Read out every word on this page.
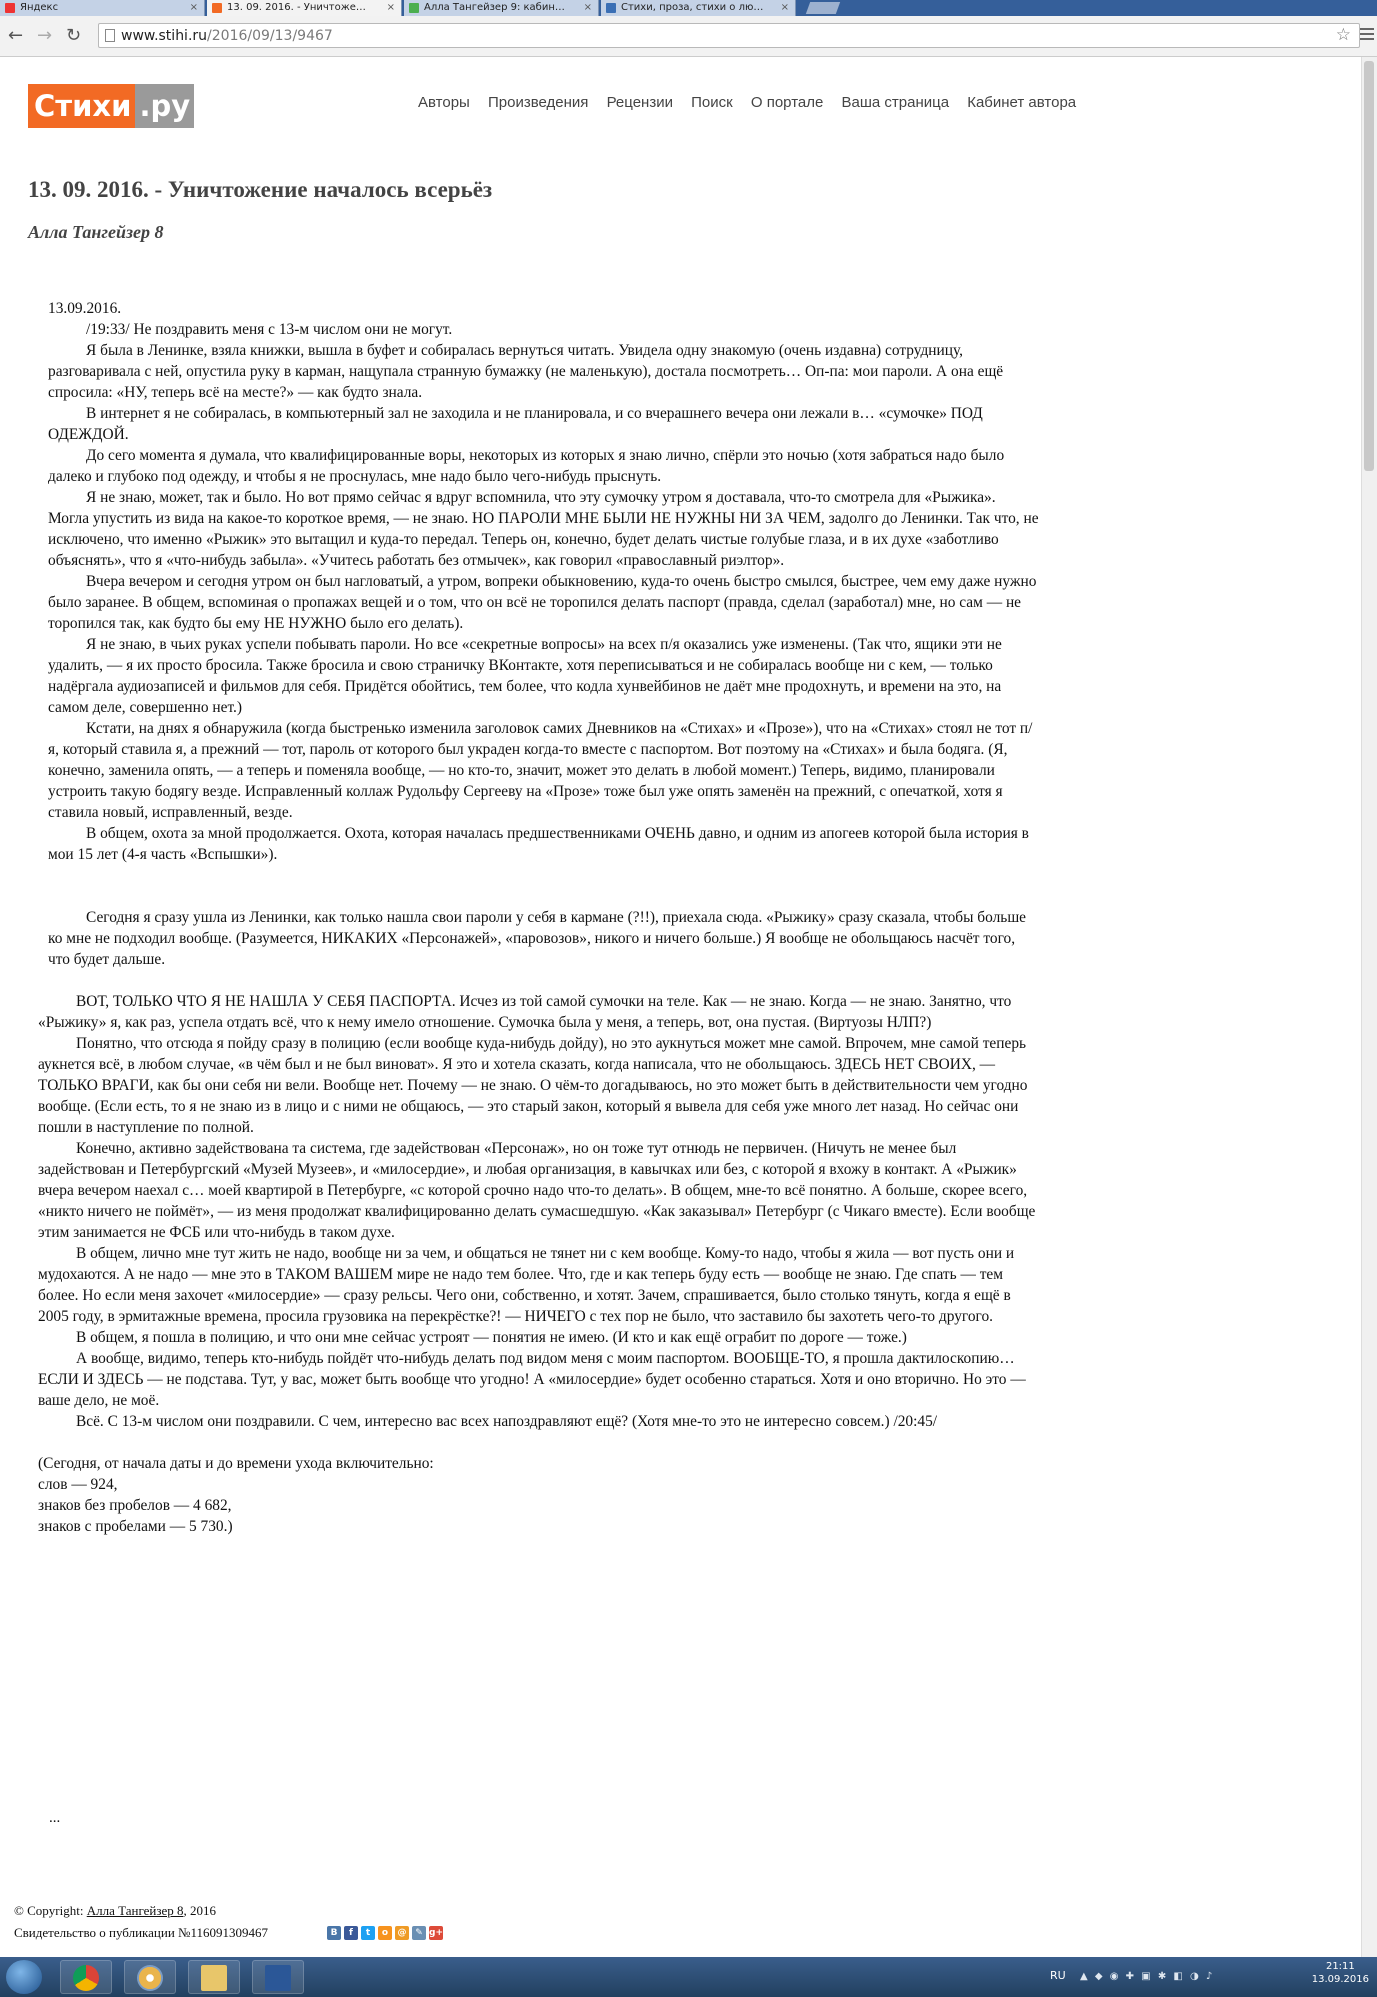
Яндекс	×	13. 09. 2016. - Уничтоже… ×	Алла Тангейзер 9: кабин… ×	Стихи, проза, стихи о лю… ×
← → ↻	www.stihi.ru/2016/09/13/9467	☆
Стихи .ру	Авторы Произведения Рецензии Поиск О портале Ваша страница Кабинет автора
13. 09. 2016. - Уничтожение началось всерьёз
Алла Тангейзер 8

13.09.2016.

/19:33/ Не поздравить меня с 13-м числом они не могут.

Я была в Ленинке, взяла книжки, вышла в буфет и собиралась вернуться читать. Увидела одну знакомую (очень издавна) сотрудницу, разговаривала с ней, опустила руку в карман, нащупала странную бумажку (не маленькую), достала посмотреть… Оп-па: мои пароли. А она ещё спросила: «НУ, теперь всё на месте?» — как будто знала.

В интернет я не собиралась, в компьютерный зал не заходила и не планировала, и со вчерашнего вечера они лежали в… «сумочке» ПОД ОДЕЖДОЙ.

До сего момента я думала, что квалифицированные воры, некоторых из которых я знаю лично, спёрли это ночью (хотя забраться надо было далеко и глубоко под одежду, и чтобы я не проснулась, мне надо было чего-нибудь прыснуть.

Я не знаю, может, так и было. Но вот прямо сейчас я вдруг вспомнила, что эту сумочку утром я доставала, что-то смотрела для «Рыжика». Могла упустить из вида на какое-то короткое время, — не знаю. НО ПАРОЛИ МНЕ БЫЛИ НЕ НУЖНЫ НИ ЗА ЧЕМ, задолго до Ленинки. Так что, не исключено, что именно «Рыжик» это вытащил и куда-то передал. Теперь он, конечно, будет делать чистые голубые глаза, и в их духе «заботливо объяснять», что я «что-нибудь забыла». «Учитесь работать без отмычек», как говорил «православный риэлтор».

Вчера вечером и сегодня утром он был нагловатый, а утром, вопреки обыкновению, куда-то очень быстро смылся, быстрее, чем ему даже нужно было заранее. В общем, вспоминая о пропажах вещей и о том, что он всё не торопился делать паспорт (правда, сделал (заработал) мне, но сам — не торопился так, как будто бы ему НЕ НУЖНО было его делать).

Я не знаю, в чьих руках успели побывать пароли. Но все «секретные вопросы» на всех п/я оказались уже изменены. (Так что, ящики эти не удалить, — я их просто бросила. Также бросила и свою страничку ВКонтакте, хотя переписываться и не собиралась вообще ни с кем, — только надёргала аудиозаписей и фильмов для себя. Придётся обойтись, тем более, что кодла хунвейбинов не даёт мне продохнуть, и времени на это, на самом деле, совершенно нет.)

Кстати, на днях я обнаружила (когда быстренько изменила заголовок самих Дневников на «Стихах» и «Прозе»), что на «Стихах» стоял не тот п/я, который ставила я, а прежний — тот, пароль от которого был украден когда-то вместе с паспортом. Вот поэтому на «Стихах» и была бодяга. (Я, конечно, заменила опять, — а теперь и поменяла вообще, — но кто-то, значит, может это делать в любой момент.) Теперь, видимо, планировали устроить такую бодягу везде. Исправленный коллаж Рудольфу Сергееву на «Прозе» тоже был уже опять заменён на прежний, с опечаткой, хотя я ставила новый, исправленный, везде.

В общем, охота за мной продолжается. Охота, которая началась предшественниками ОЧЕНЬ давно, и одним из апогеев которой была история в мои 15 лет (4-я часть «Вспышки»).

Сегодня я сразу ушла из Ленинки, как только нашла свои пароли у себя в кармане (?!!), приехала сюда. «Рыжику» сразу сказала, чтобы больше ко мне не подходил вообще. (Разумеется, НИКАКИХ «Персонажей», «паровозов», никого и ничего больше.) Я вообще не обольщаюсь насчёт того, что будет дальше.

ВОТ, ТОЛЬКО ЧТО Я НЕ НАШЛА У СЕБЯ ПАСПОРТА. Исчез из той самой сумочки на теле. Как — не знаю. Когда — не знаю. Занятно, что

«Рыжику» я, как раз, успела отдать всё, что к нему имело отношение. Сумочка была у меня, а теперь, вот, она пустая. (Виртуозы НЛП?)

Понятно, что отсюда я пойду сразу в полицию (если вообще куда-нибудь дойду), но это аукнуться может мне самой. Впрочем, мне самой теперь аукнется всё, в любом случае, «в чём был и не был виноват». Я это и хотела сказать, когда написала, что не обольщаюсь. ЗДЕСЬ НЕТ СВОИХ, — ТОЛЬКО ВРАГИ, как бы они себя ни вели. Вообще нет. Почему — не знаю. О чём-то догадываюсь, но это может быть в действительности чем угодно вообще. (Если есть, то я не знаю из в лицо и с ними не общаюсь, — это старый закон, который я вывела для себя уже много лет назад. Но сейчас они пошли в наступление по полной.

Конечно, активно задействована та система, где задействован «Персонаж», но он тоже тут отнюдь не первичен. (Ничуть не менее был задействован и Петербургский «Музей Музеев», и «милосердие», и любая организация, в кавычках или без, с которой я вхожу в контакт. А «Рыжик» вчера вечером наехал с… моей квартирой в Петербурге, «с которой срочно надо что-то делать». В общем, мне-то всё понятно. А больше, скорее всего, «никто ничего не поймёт», — из меня продолжат квалифицированно делать сумасшедшую. «Как заказывал» Петербург (с Чикаго вместе). Если вообще этим занимается не ФСБ или что-нибудь в таком духе.

В общем, лично мне тут жить не надо, вообще ни за чем, и общаться не тянет ни с кем вообще. Кому-то надо, чтобы я жила — вот пусть они и мудохаются. А не надо — мне это в ТАКОМ ВАШЕМ мире не надо тем более. Что, где и как теперь буду есть — вообще не знаю. Где спать — тем более. Но если меня захочет «милосердие» — сразу рельсы. Чего они, собственно, и хотят. Зачем, спрашивается, было столько тянуть, когда я ещё в 2005 году, в эрмитажные времена, просила грузовика на перекрёстке?! — НИЧЕГО с тех пор не было, что заставило бы захотеть чего-то другого.

В общем, я пошла в полицию, и что они мне сейчас устроят — понятия не имею. (И кто и как ещё ограбит по дороге — тоже.)

А вообще, видимо, теперь кто-нибудь пойдёт что-нибудь делать под видом меня с моим паспортом. ВООБЩЕ-ТО, я прошла дактилоскопию… ЕСЛИ И ЗДЕСЬ — не подстава. Тут, у вас, может быть вообще что угодно! А «милосердие» будет особенно стараться. Хотя и оно вторично. Но это — ваше дело, не моё.

Всё. С 13-м числом они поздравили. С чем, интересно вас всех напоздравляют ещё? (Хотя мне-то это не интересно совсем.) /20:45/

(Сегодня, от начала даты и до времени ухода включительно:

слов — 924,

знаков без пробелов — 4 682,

знаков с пробелами — 5 730.)

...
© Copyright: Алла Тангейзер 8, 2016
Свидетельство о публикации №116091309467	В	f	t	о	@ ✎ g+
RU ▲ ◆ ◉ ✚ ▣ ✱ ◧ ◑ ♪
21:11
13.09.2016
